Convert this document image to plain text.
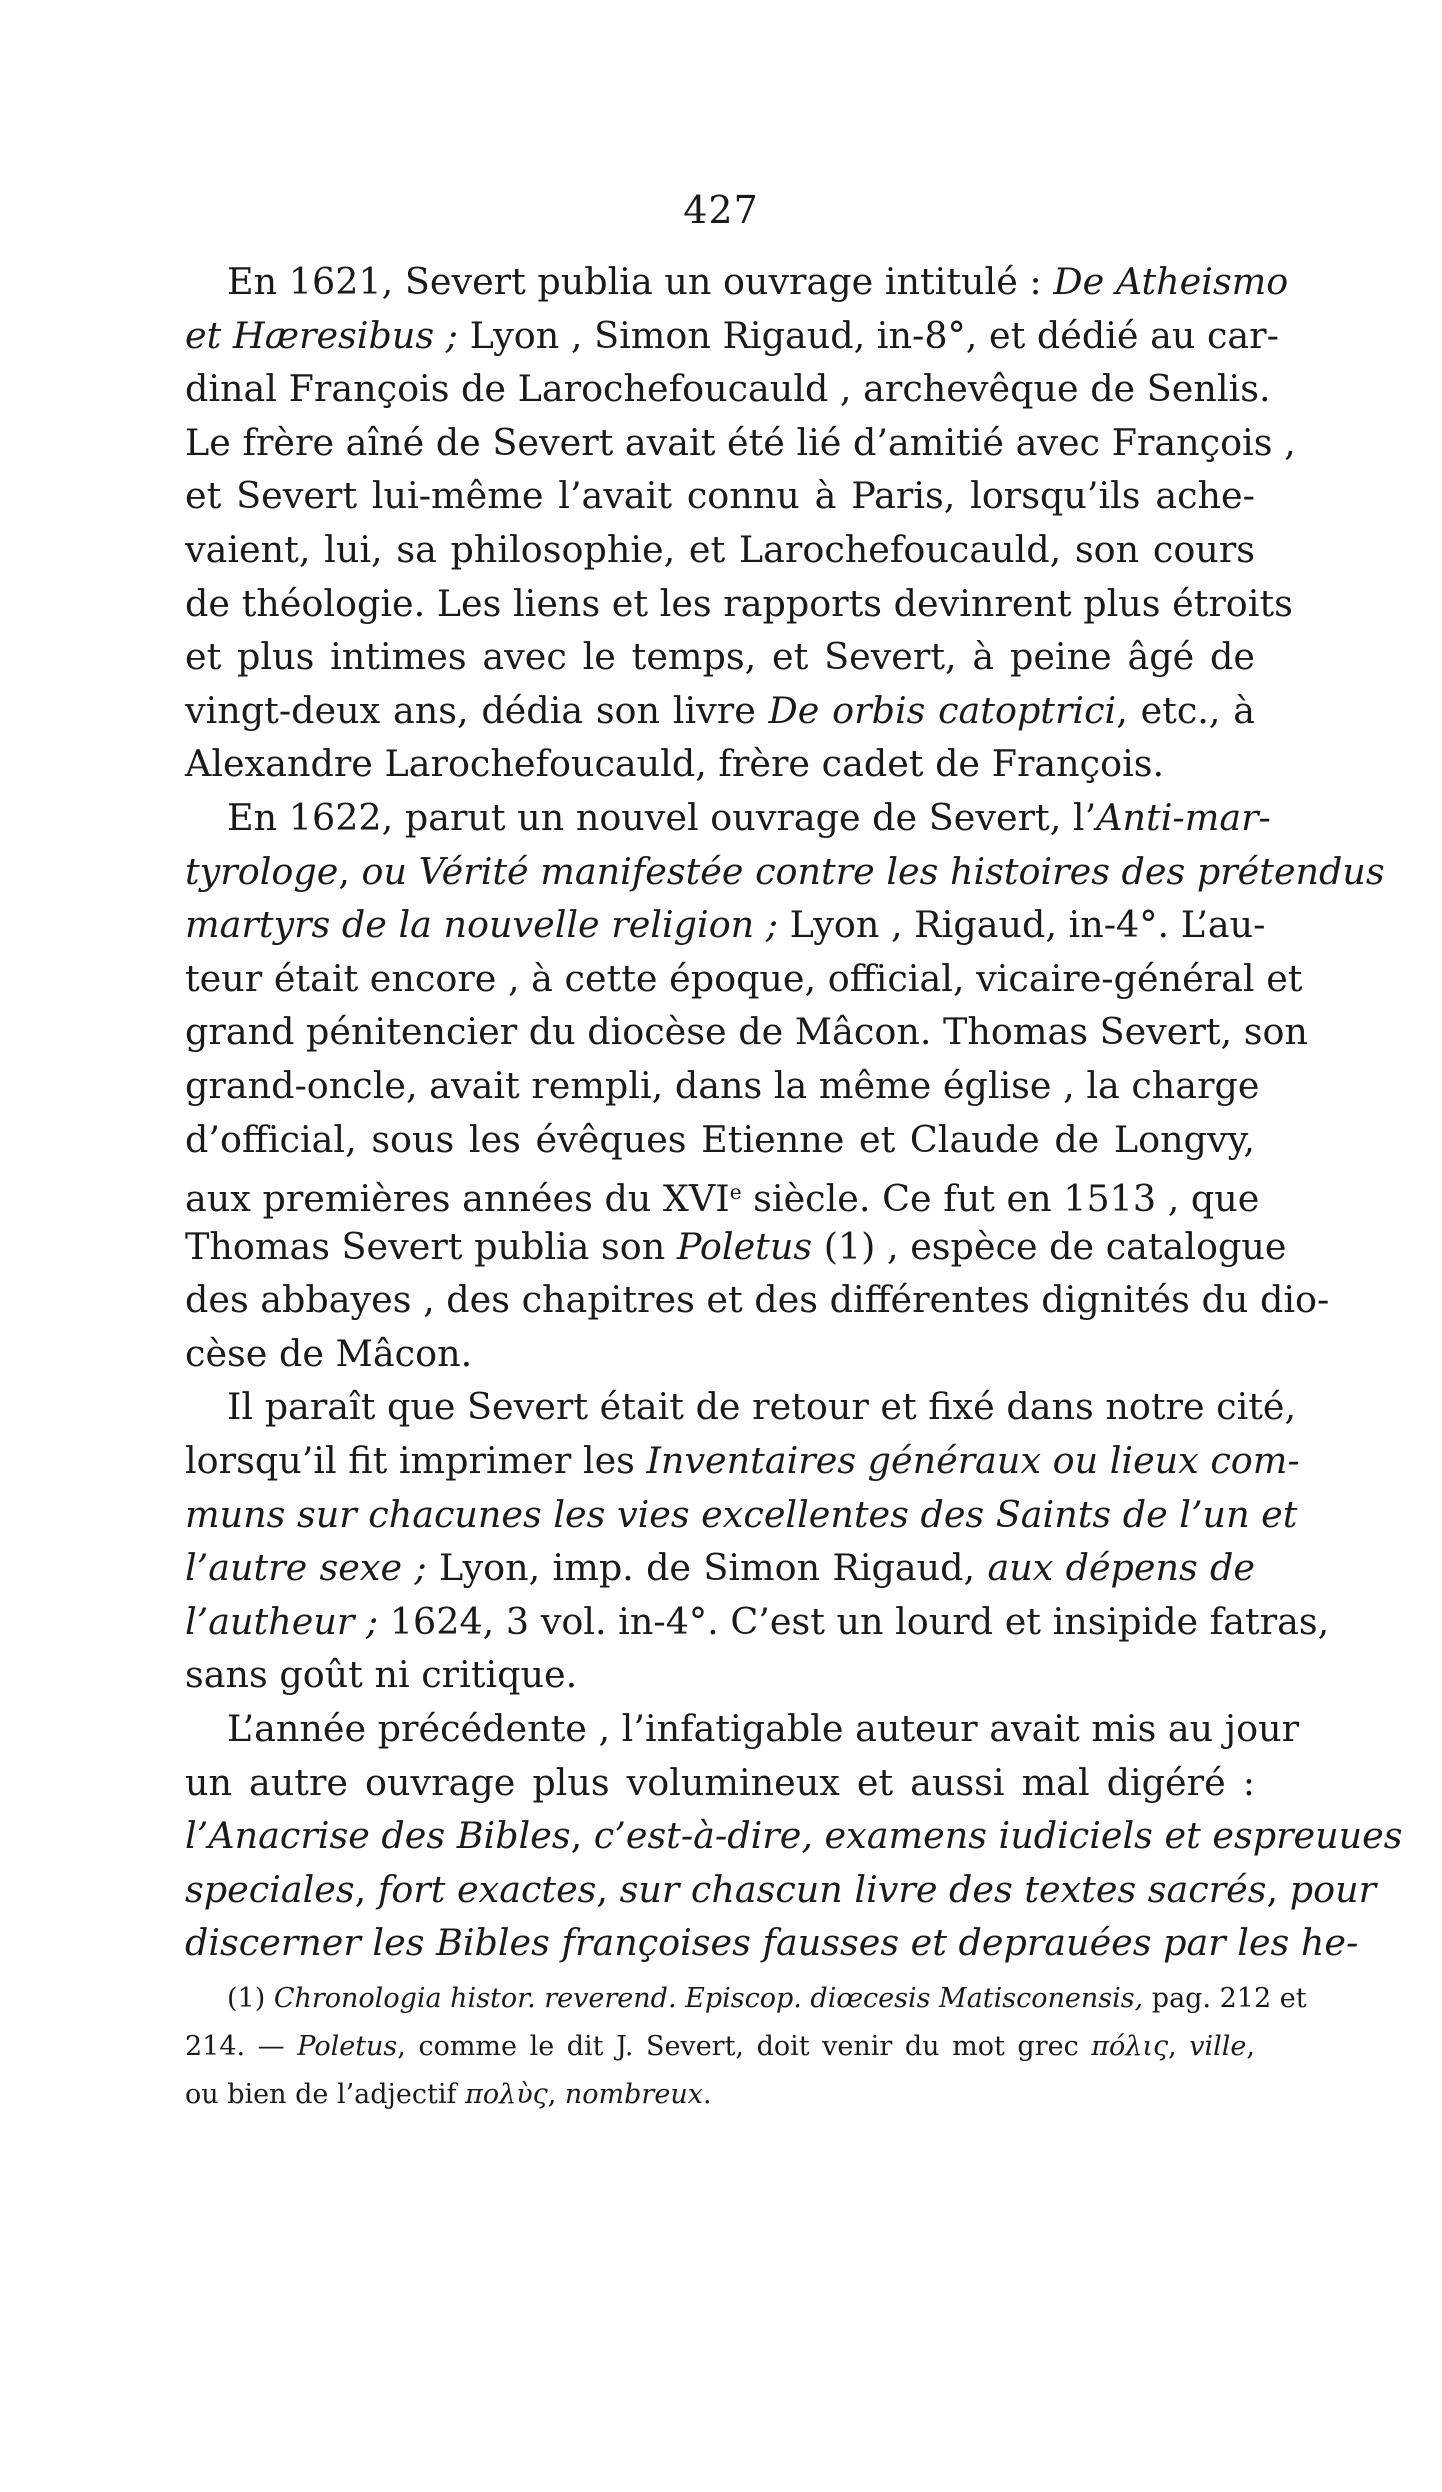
427
En 1621, Severt publia un ouvrage intitulé : De Atheismo
et Hæresibus ; Lyon , Simon Rigaud, in-8°, et dédié au car-
dinal François de Larochefoucauld , archevêque de Senlis.
Le frère aîné de Severt avait été lié d’amitié avec François ,
et Severt lui-même l’avait connu à Paris, lorsqu’ils ache-
vaient, lui, sa philosophie, et Larochefoucauld, son cours
de théologie. Les liens et les rapports devinrent plus étroits
et plus intimes avec le temps, et Severt, à peine âgé de
vingt-deux ans, dédia son livre De orbis catoptrici, etc., à
Alexandre Larochefoucauld, frère cadet de François.
En 1622, parut un nouvel ouvrage de Severt, l’Anti-mar-
tyrologe, ou Vérité manifestée contre les histoires des prétendus
martyrs de la nouvelle religion ; Lyon , Rigaud, in-4°. L’au-
teur était encore , à cette époque, official, vicaire-général et
grand pénitencier du diocèse de Mâcon. Thomas Severt, son
grand-oncle, avait rempli, dans la même église , la charge
d’official, sous les évêques Etienne et Claude de Longvy,
aux premières années du XVIe siècle. Ce fut en 1513 , que
Thomas Severt publia son Poletus (1) , espèce de catalogue
des abbayes , des chapitres et des différentes dignités du dio-
cèse de Mâcon.
Il paraît que Severt était de retour et fixé dans notre cité,
lorsqu’il fit imprimer les Inventaires généraux ou lieux com-
muns sur chacunes les vies excellentes des Saints de l’un et
l’autre sexe ; Lyon, imp. de Simon Rigaud, aux dépens de
l’autheur ; 1624, 3 vol. in-4°. C’est un lourd et insipide fatras,
sans goût ni critique.
L’année précédente , l’infatigable auteur avait mis au jour
un autre ouvrage plus volumineux et aussi mal digéré :
l’Anacrise des Bibles, c’est-à-dire, examens iudiciels et espreuues
speciales, fort exactes, sur chascun livre des textes sacrés, pour
discerner les Bibles françoises fausses et deprauées par les he-
(1) Chronologia histor. reverend. Episcop. diœcesis Matisconensis, pag. 212 et
214. — Poletus, comme le dit J. Severt, doit venir du mot grec πόλις, ville,
ou bien de l’adjectif πολὺς, nombreux.
